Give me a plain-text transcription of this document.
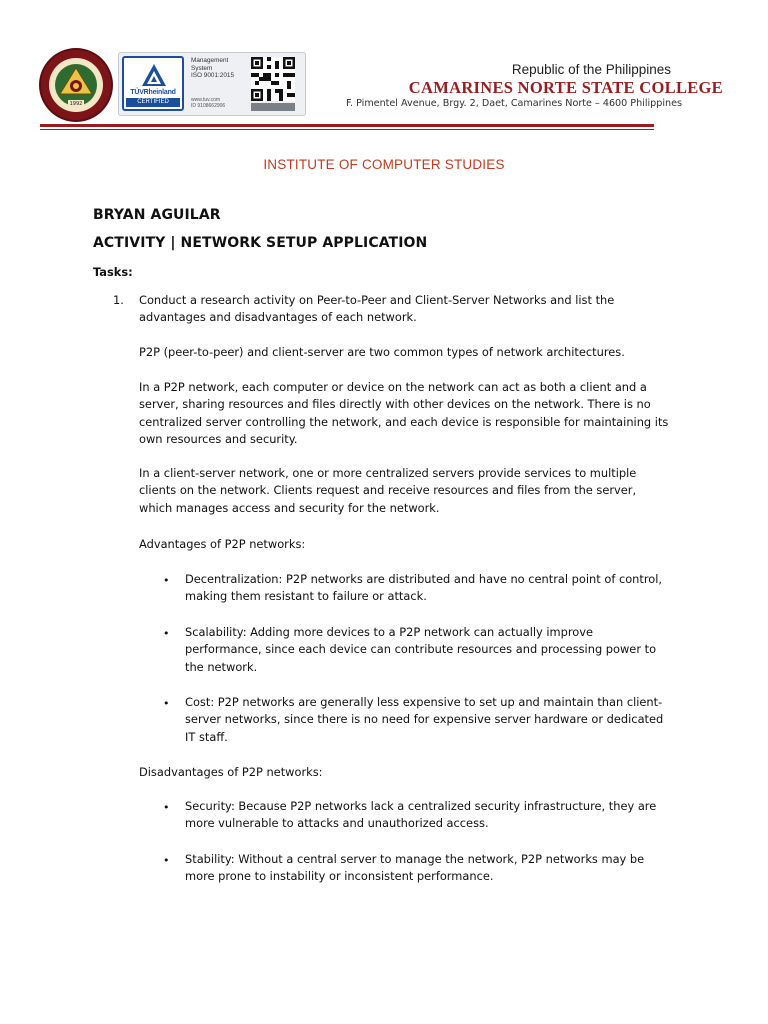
1992
TÜVRheinland
CERTIFIED
Management
System
ISO 9001:2015
www.tuv.com
ID 9108662906
Republic of the Philippines
CAMARINES NORTE STATE COLLEGE
F. Pimentel Avenue, Brgy. 2, Daet, Camarines Norte – 4600 Philippines
INSTITUTE OF COMPUTER STUDIES
BRYAN AGUILAR
ACTIVITY | NETWORK SETUP APPLICATION
Tasks:
1. Conduct a research activity on Peer-to-Peer and Client-Server Networks and list the
advantages and disadvantages of each network.
P2P (peer-to-peer) and client-server are two common types of network architectures.
In a P2P network, each computer or device on the network can act as both a client and a
server, sharing resources and files directly with other devices on the network. There is no
centralized server controlling the network, and each device is responsible for maintaining its
own resources and security.
In a client-server network, one or more centralized servers provide services to multiple
clients on the network. Clients request and receive resources and files from the server,
which manages access and security for the network.
Advantages of P2P networks:
• Decentralization: P2P networks are distributed and have no central point of control,
making them resistant to failure or attack.
• Scalability: Adding more devices to a P2P network can actually improve
performance, since each device can contribute resources and processing power to
the network.
• Cost: P2P networks are generally less expensive to set up and maintain than client-
server networks, since there is no need for expensive server hardware or dedicated
IT staff.
Disadvantages of P2P networks:
• Security: Because P2P networks lack a centralized security infrastructure, they are
more vulnerable to attacks and unauthorized access.
• Stability: Without a central server to manage the network, P2P networks may be
more prone to instability or inconsistent performance.
